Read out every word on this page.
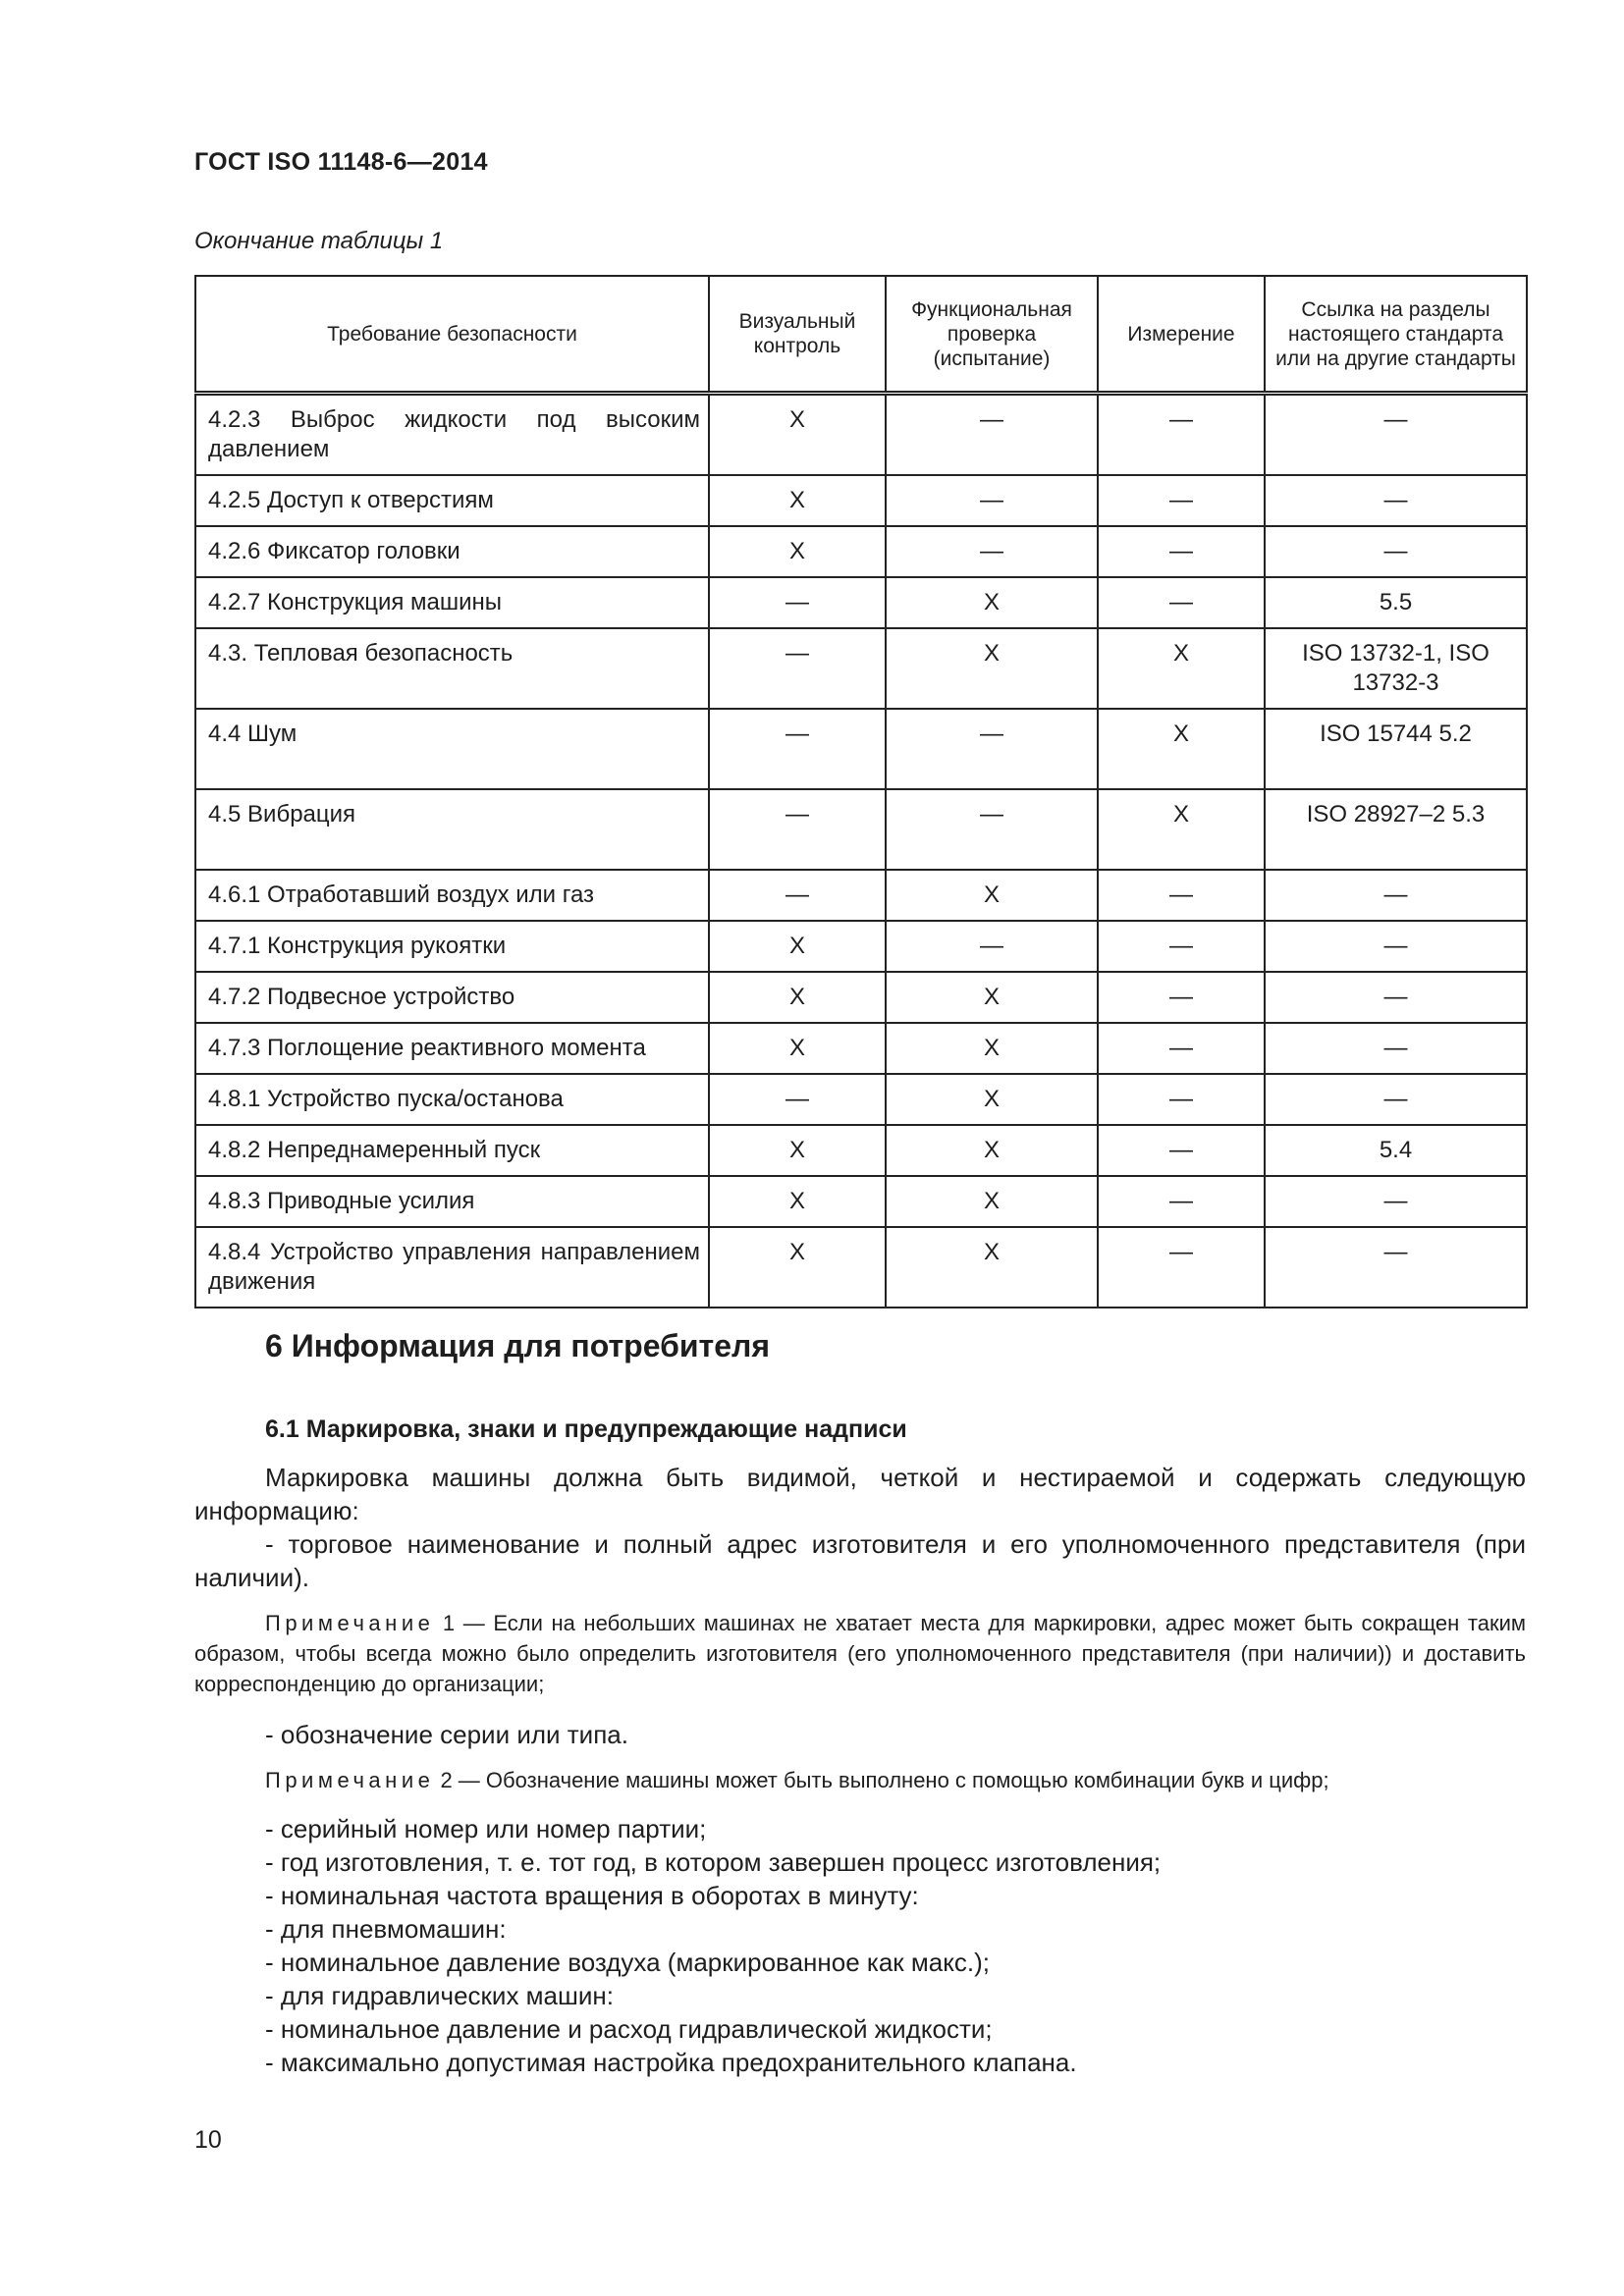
ГОСТ ISO 11148-6—2014
Окончание таблицы 1
Требование безопасности	Визуальный контроль	Функциональная проверка (испытание)	Измерение	Ссылка на разделы настоящего стандарта или на другие стандарты
4.2.3 Выброс жидкости под высоким давлением	X	—	—	—
4.2.5 Доступ к отверстиям	X	—	—	—
4.2.6 Фиксатор головки	X	—	—	—
4.2.7 Конструкция машины	—	X	—	5.5
4.3. Тепловая безопасность	—	X	X	ISO 13732-1, ISO 13732-3
4.4 Шум	—	—	X	ISO 15744 5.2
4.5 Вибрация	—	—	X	ISO 28927–2 5.3
4.6.1 Отработавший воздух или газ	—	X	—	—
4.7.1 Конструкция рукоятки	X	—	—	—
4.7.2 Подвесное устройство	X	X	—	—
4.7.3 Поглощение реактивного момента	X	X	—	—
4.8.1 Устройство пуска/останова	—	X	—	—
4.8.2 Непреднамеренный пуск	X	X	—	5.4
4.8.3 Приводные усилия	X	X	—	—
4.8.4 Устройство управления направлением движения	X	X	—	—
6 Информация для потребителя
6.1 Маркировка, знаки и предупреждающие надписи
Маркировка машины должна быть видимой, четкой и нестираемой и содержать следующую информацию:
- торговое наименование и полный адрес изготовителя и его уполномоченного представителя (при наличии).
Примечание 1 — Если на небольших машинах не хватает места для маркировки, адрес может быть сокращен таким образом, чтобы всегда можно было определить изготовителя (его уполномоченного представителя (при наличии)) и доставить корреспонденцию до организации;
- обозначение серии или типа.
Примечание 2 — Обозначение машины может быть выполнено с помощью комбинации букв и цифр;
- серийный номер или номер партии;
- год изготовления, т. е. тот год, в котором завершен процесс изготовления;
- номинальная частота вращения в оборотах в минуту:
- для пневмомашин:
- номинальное давление воздуха (маркированное как макс.);
- для гидравлических машин:
- номинальное давление и расход гидравлической жидкости;
- максимально допустимая настройка предохранительного клапана.
10
